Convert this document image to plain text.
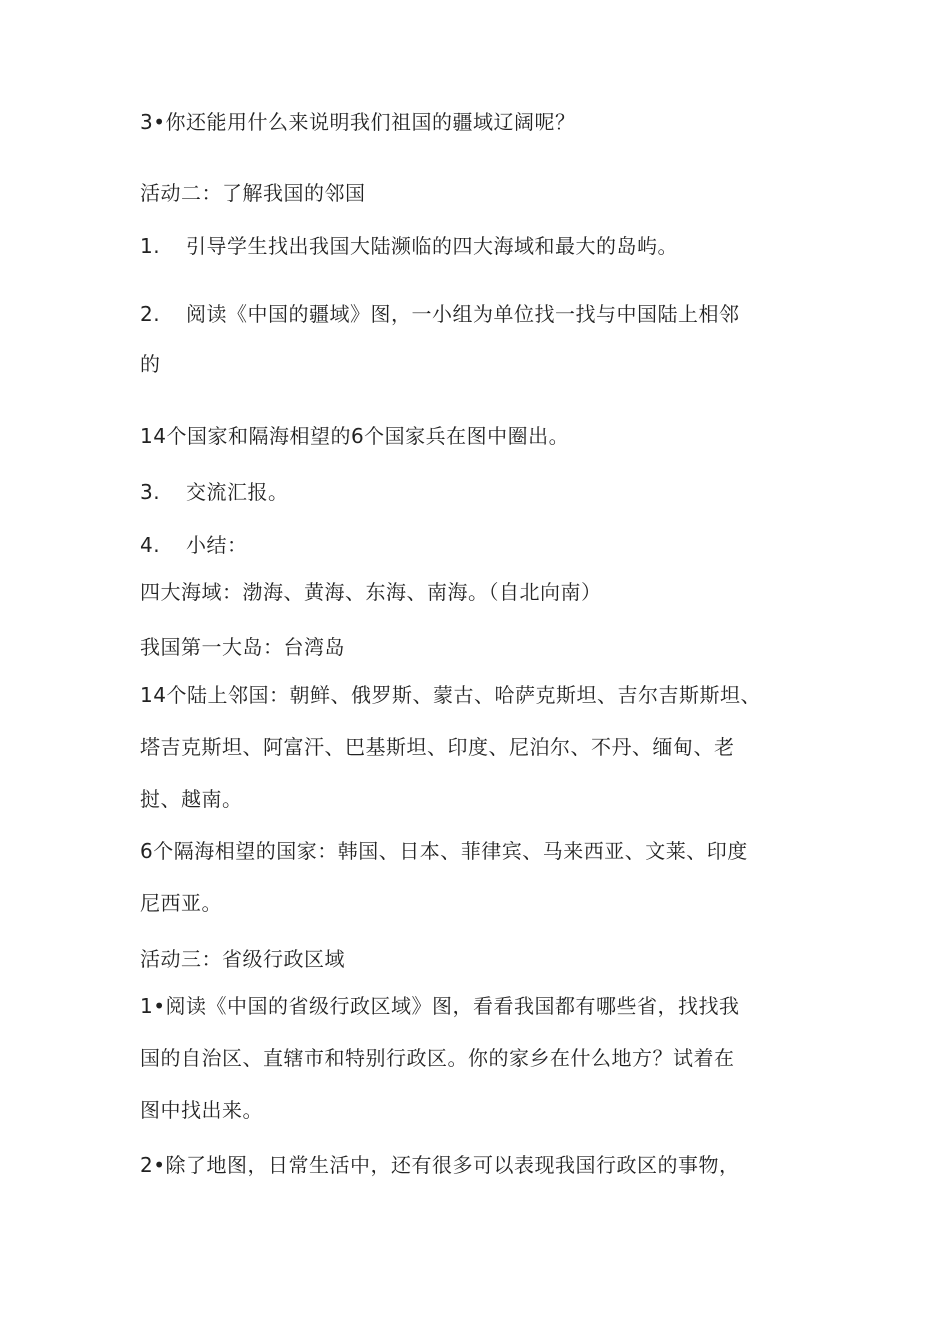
3•你还能用什么来说明我们祖国的疆域辽阔呢？
活动二：了解我国的邻国
1. 引导学生找出我国大陆濒临的四大海域和最大的岛屿。
2. 阅读《中国的疆域》图，一小组为单位找一找与中国陆上相邻
的
14个国家和隔海相望的6个国家兵在图中圈出。
3. 交流汇报。
4. 小结：
四大海域：渤海、黄海、东海、南海。（自北向南）
我国第一大岛：台湾岛
14个陆上邻国：朝鲜、俄罗斯、蒙古、哈萨克斯坦、吉尔吉斯斯坦、
塔吉克斯坦、阿富汗、巴基斯坦、印度、尼泊尔、不丹、缅甸、老
挝、越南。
6个隔海相望的国家：韩国、日本、菲律宾、马来西亚、文莱、印度
尼西亚。
活动三：省级行政区域
1•阅读《中国的省级行政区域》图，看看我国都有哪些省，找找我
国的自治区、直辖市和特别行政区。你的家乡在什么地方？试着在
图中找出来。
2•除了地图，日常生活中，还有很多可以表现我国行政区的事物，
